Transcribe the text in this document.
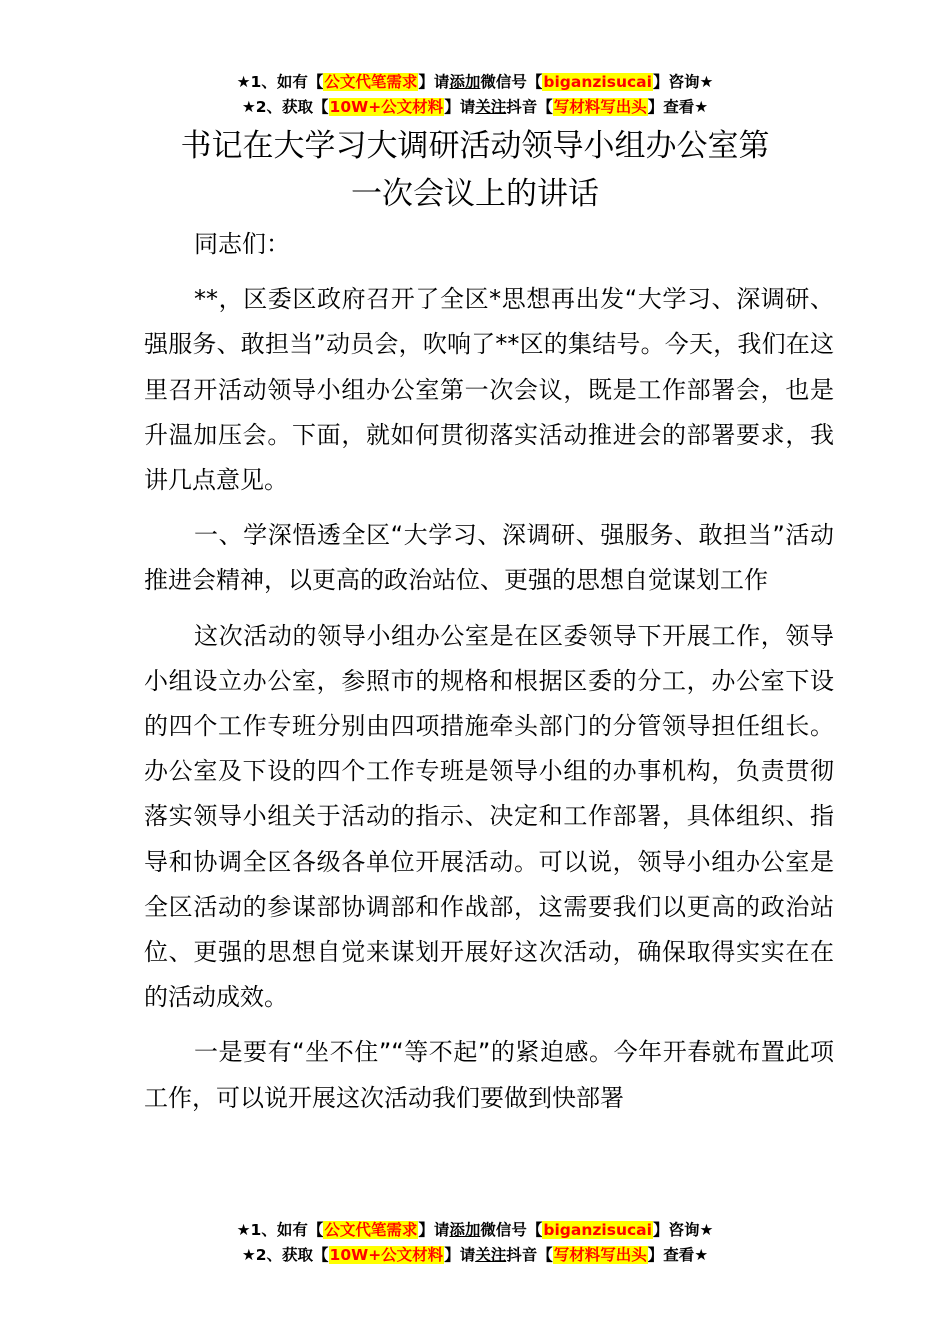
★1、如有【公文代笔需求】请添加微信号【biganzisucai】咨询★
★2、获取【10W+公文材料】请关注抖音【写材料写出头】查看★
书记在大学习大调研活动领导小组办公室第
一次会议上的讲话

同志们：

**，区委区政府召开了全区*思想再出发“大学习、深调研、强服务、敢担当”动员会，吹响了**区的集结号。今天，我们在这里召开活动领导小组办公室第一次会议，既是工作部署会，也是升温加压会。下面，就如何贯彻落实活动推进会的部署要求，我讲几点意见。

一、学深悟透全区“大学习、深调研、强服务、敢担当”活动推进会精神，以更高的政治站位、更强的思想自觉谋划工作

这次活动的领导小组办公室是在区委领导下开展工作，领导小组设立办公室，参照市的规格和根据区委的分工，办公室下设的四个工作专班分别由四项措施牵头部门的分管领导担任组长。办公室及下设的四个工作专班是领导小组的办事机构，负责贯彻落实领导小组关于活动的指示、决定和工作部署，具体组织、指导和协调全区各级各单位开展活动。可以说，领导小组办公室是全区活动的参谋部协调部和作战部，这需要我们以更高的政治站位、更强的思想自觉来谋划开展好这次活动，确保取得实实在在的活动成效。

一是要有“坐不住”“等不起”的紧迫感。今年开春就布置此项工作，可以说开展这次活动我们要做到快部署

★1、如有【公文代笔需求】请添加微信号【biganzisucai】咨询★
★2、获取【10W+公文材料】请关注抖音【写材料写出头】查看★
